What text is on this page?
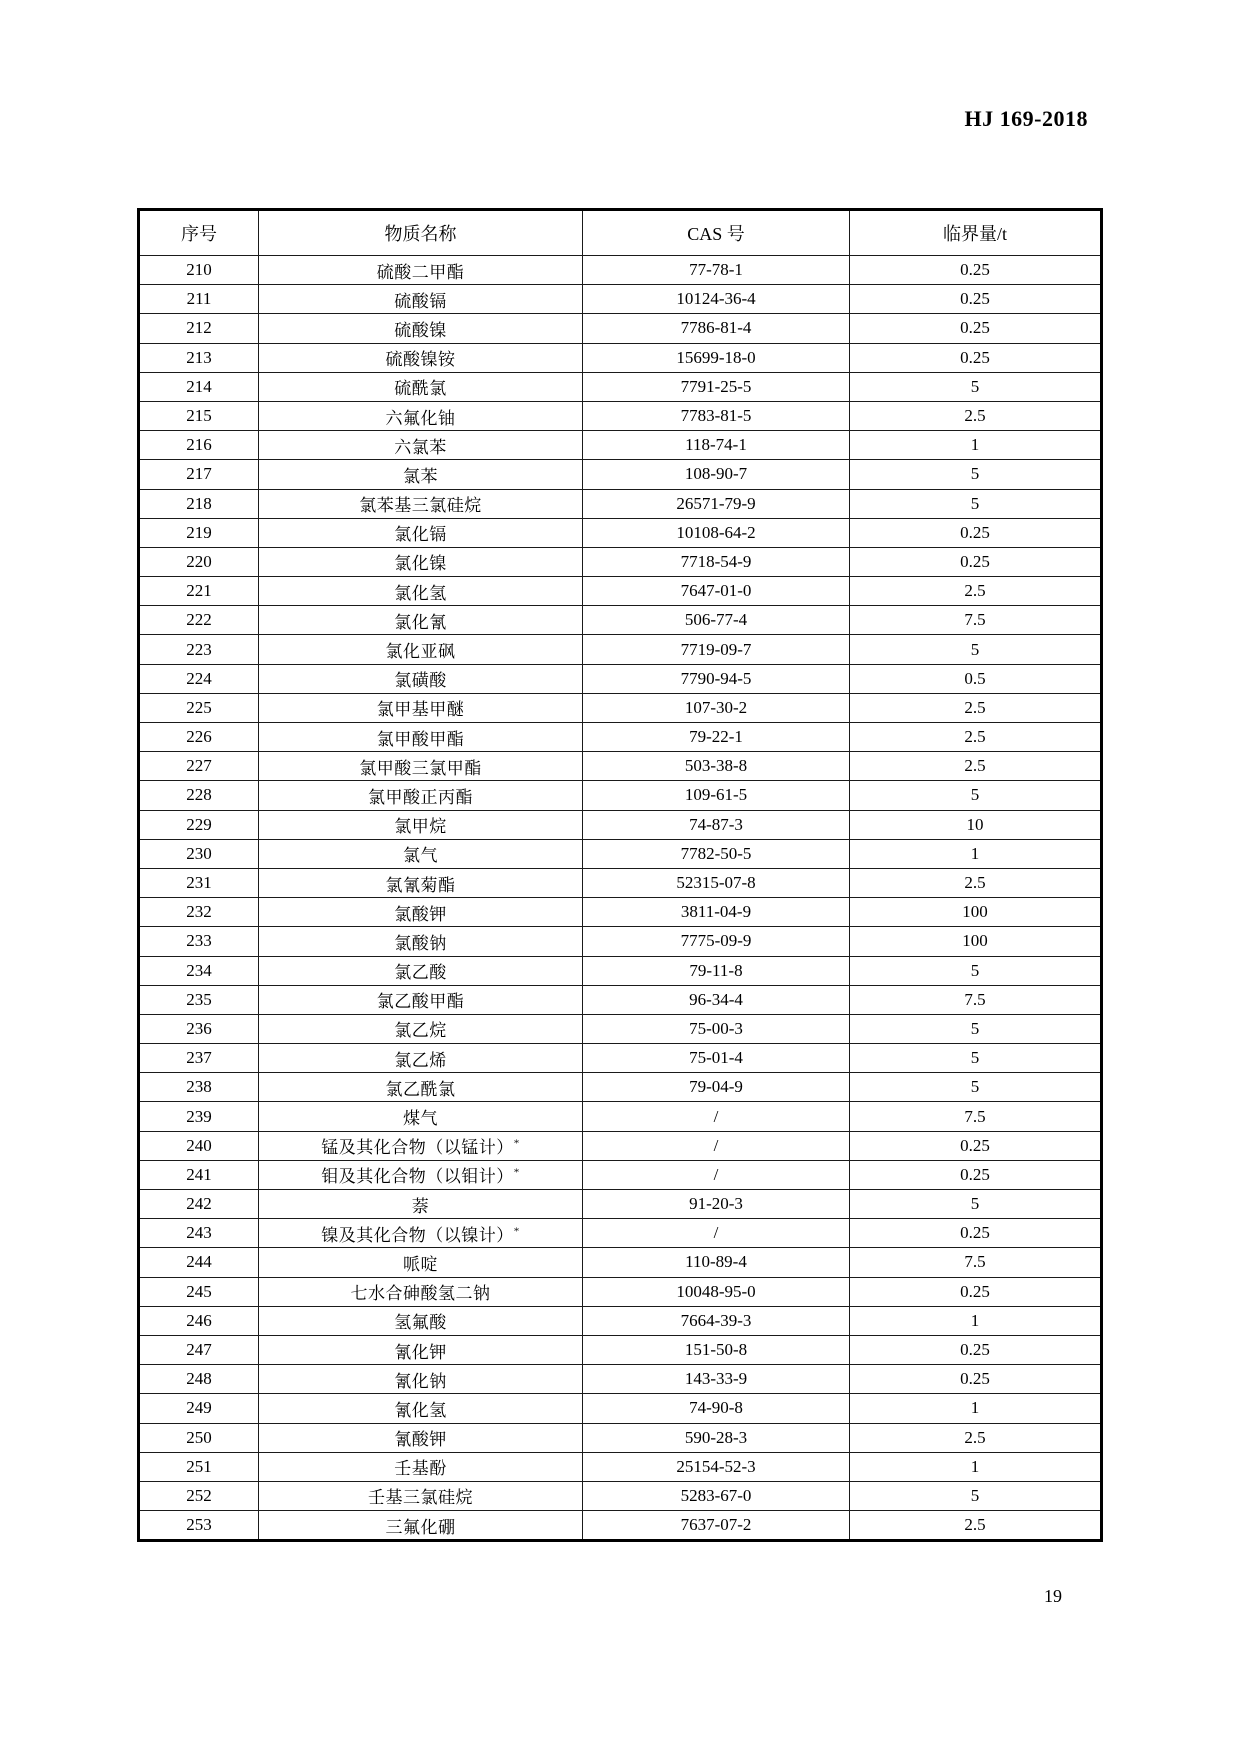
HJ 169-2018
序号	物质名称	CAS 号	临界量/t
210	硫酸二甲酯	77-78-1	0.25
211	硫酸镉	10124-36-4	0.25
212	硫酸镍	7786-81-4	0.25
213	硫酸镍铵	15699-18-0	0.25
214	硫酰氯	7791-25-5	5
215	六氟化铀	7783-81-5	2.5
216	六氯苯	118-74-1	1
217	氯苯	108-90-7	5
218	氯苯基三氯硅烷	26571-79-9	5
219	氯化镉	10108-64-2	0.25
220	氯化镍	7718-54-9	0.25
221	氯化氢	7647-01-0	2.5
222	氯化氰	506-77-4	7.5
223	氯化亚砜	7719-09-7	5
224	氯磺酸	7790-94-5	0.5
225	氯甲基甲醚	107-30-2	2.5
226	氯甲酸甲酯	79-22-1	2.5
227	氯甲酸三氯甲酯	503-38-8	2.5
228	氯甲酸正丙酯	109-61-5	5
229	氯甲烷	74-87-3	10
230	氯气	7782-50-5	1
231	氯氰菊酯	52315-07-8	2.5
232	氯酸钾	3811-04-9	100
233	氯酸钠	7775-09-9	100
234	氯乙酸	79-11-8	5
235	氯乙酸甲酯	96-34-4	7.5
236	氯乙烷	75-00-3	5
237	氯乙烯	75-01-4	5
238	氯乙酰氯	79-04-9	5
239	煤气	/	7.5
240	锰及其化合物（以锰计）*	/	0.25
241	钼及其化合物（以钼计）*	/	0.25
242	萘	91-20-3	5
243	镍及其化合物（以镍计）*	/	0.25
244	哌啶	110-89-4	7.5
245	七水合砷酸氢二钠	10048-95-0	0.25
246	氢氟酸	7664-39-3	1
247	氰化钾	151-50-8	0.25
248	氰化钠	143-33-9	0.25
249	氰化氢	74-90-8	1
250	氰酸钾	590-28-3	2.5
251	壬基酚	25154-52-3	1
252	壬基三氯硅烷	5283-67-0	5
253	三氟化硼	7637-07-2	2.5
19
